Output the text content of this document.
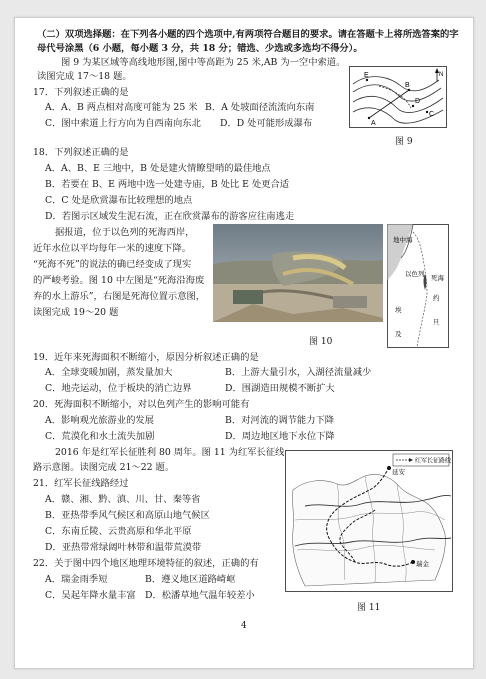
（二）双项选择题：在下列各小题的四个选项中,有两项符合题目的要求。请在答题卡上将所选答案的字
母代号涂黑（6 小题，每小题 3 分，共 18 分；错选、少选或多选均不得分）。
图 9 为某区域等高线地形图,图中等高距为 25 米,AB 为一空中索道。
读图完成 17～18 题。
17．下列叙述正确的是
A．A、B 两点相对高度可能为 25 米 B．A 处坡面径流流向东南
C．图中索道上行方向为自西南向东北 D．D 处可能形成瀑布
E
D
C
B
A
N
图 9
18．下列叙述正确的是
A．A、B、E 三地中，B 处是建火情瞭望哨的最佳地点
B．若要在 B、E 两地中选一处建寺庙，B 处比 E 处更合适
C．C 处是欣赏瀑布比较理想的地点
D．若图示区域发生泥石流，正在欣赏瀑布的游客应往南逃走
据报道，位于以色列的死海西岸，
近年水位以平均每年一米的速度下降。
“死海不死”的说法的确已经变成了现实
的严峻考验。图 10 中左图是“死海沿海废
弃的水上游乐”，右图是死海位置示意图，
读图完成 19～20 题
地中海
以色列 死海
约
旦
埃
及
图 10
19．近年来死海面积不断缩小，原因分析叙述正确的是
A．全球变暖加剧，蒸发量加大	B．上游大量引水，入湖径流量减少
C．地壳运动，位于板块的消亡边界	D．围湖造田规模不断扩大
20．死海面积不断缩小，对以色列产生的影响可能有
A．影响观光旅游业的发展	B．对河流的调节能力下降
C．荒漠化和水土流失加剧	D．周边地区地下水位下降
2016 年是红军长征胜利 80 周年。图 11 为红军长征线
路示意图。读图完成 21～22 题。
21．红军长征线路经过
A．赣、湘、黔、滇、川、甘、秦等省
B．亚热带季风气候区和高原山地气候区
C．东南丘陵、云贵高原和华北平原
D．亚热带常绿阔叶林带和温带荒漠带
22．关于图中四个地区地理环境特征的叙述，正确的有
A．瑞金雨季短	B．遵义地区道路崎岖
C．吴起年降水量丰富 D．松潘草地气温年较差小
红军长征路线
延安
瑞金
图 11
4
